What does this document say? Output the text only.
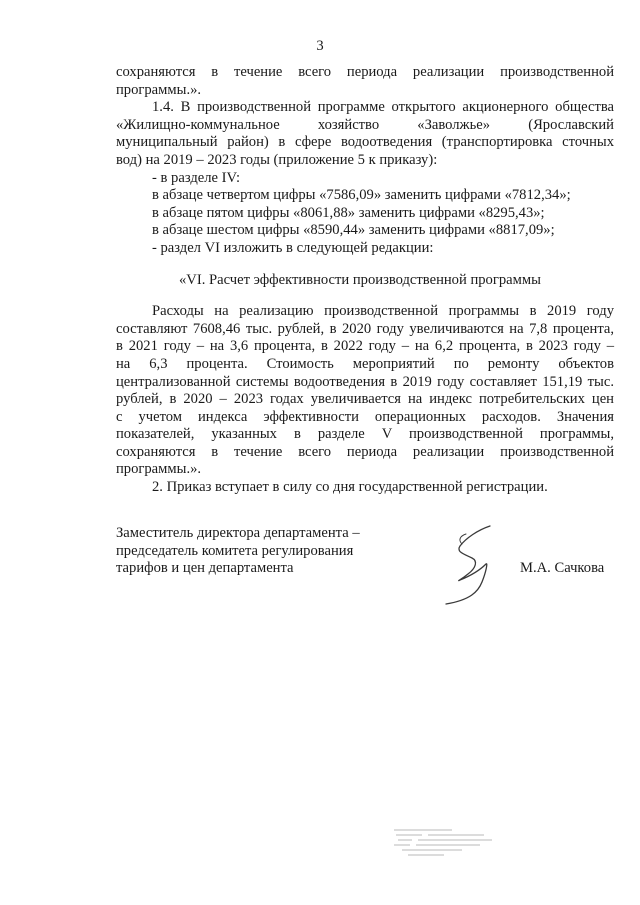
3

сохраняются в течение всего периода реализации производственной

программы.».

1.4. В производственной программе открытого акционерного общества

«Жилищно-коммунальное хозяйство «Заволжье» (Ярославский

муниципальный район) в сфере водоотведения (транспортировка сточных

вод) на 2019 – 2023 годы (приложение 5 к приказу):

- в разделе IV:

в абзаце четвертом цифры «7586,09» заменить цифрами «7812,34»;

в абзаце пятом цифры «8061,88» заменить цифрами «8295,43»;

в абзаце шестом цифры «8590,44» заменить цифрами «8817,09»;

- раздел VI изложить в следующей редакции:

«VI. Расчет эффективности производственной программы

Расходы на реализацию производственной программы в 2019 году

составляют 7608,46 тыс. рублей, в 2020 году увеличиваются на 7,8 процента,

в 2021 году – на 3,6 процента, в 2022 году – на 6,2 процента, в 2023 году –

на 6,3 процента. Стоимость мероприятий по ремонту объектов

централизованной системы водоотведения в 2019 году составляет 151,19 тыс.

рублей, в 2020 – 2023 годах увеличивается на индекс потребительских цен

с учетом индекса эффективности операционных расходов. Значения

показателей, указанных в разделе V производственной программы,

сохраняются в течение всего периода реализации производственной

программы.».

2. Приказ вступает в силу со дня государственной регистрации.

Заместитель директора департамента –

председатель комитета регулирования

тарифов и цен департамента	М.А. Сачкова
